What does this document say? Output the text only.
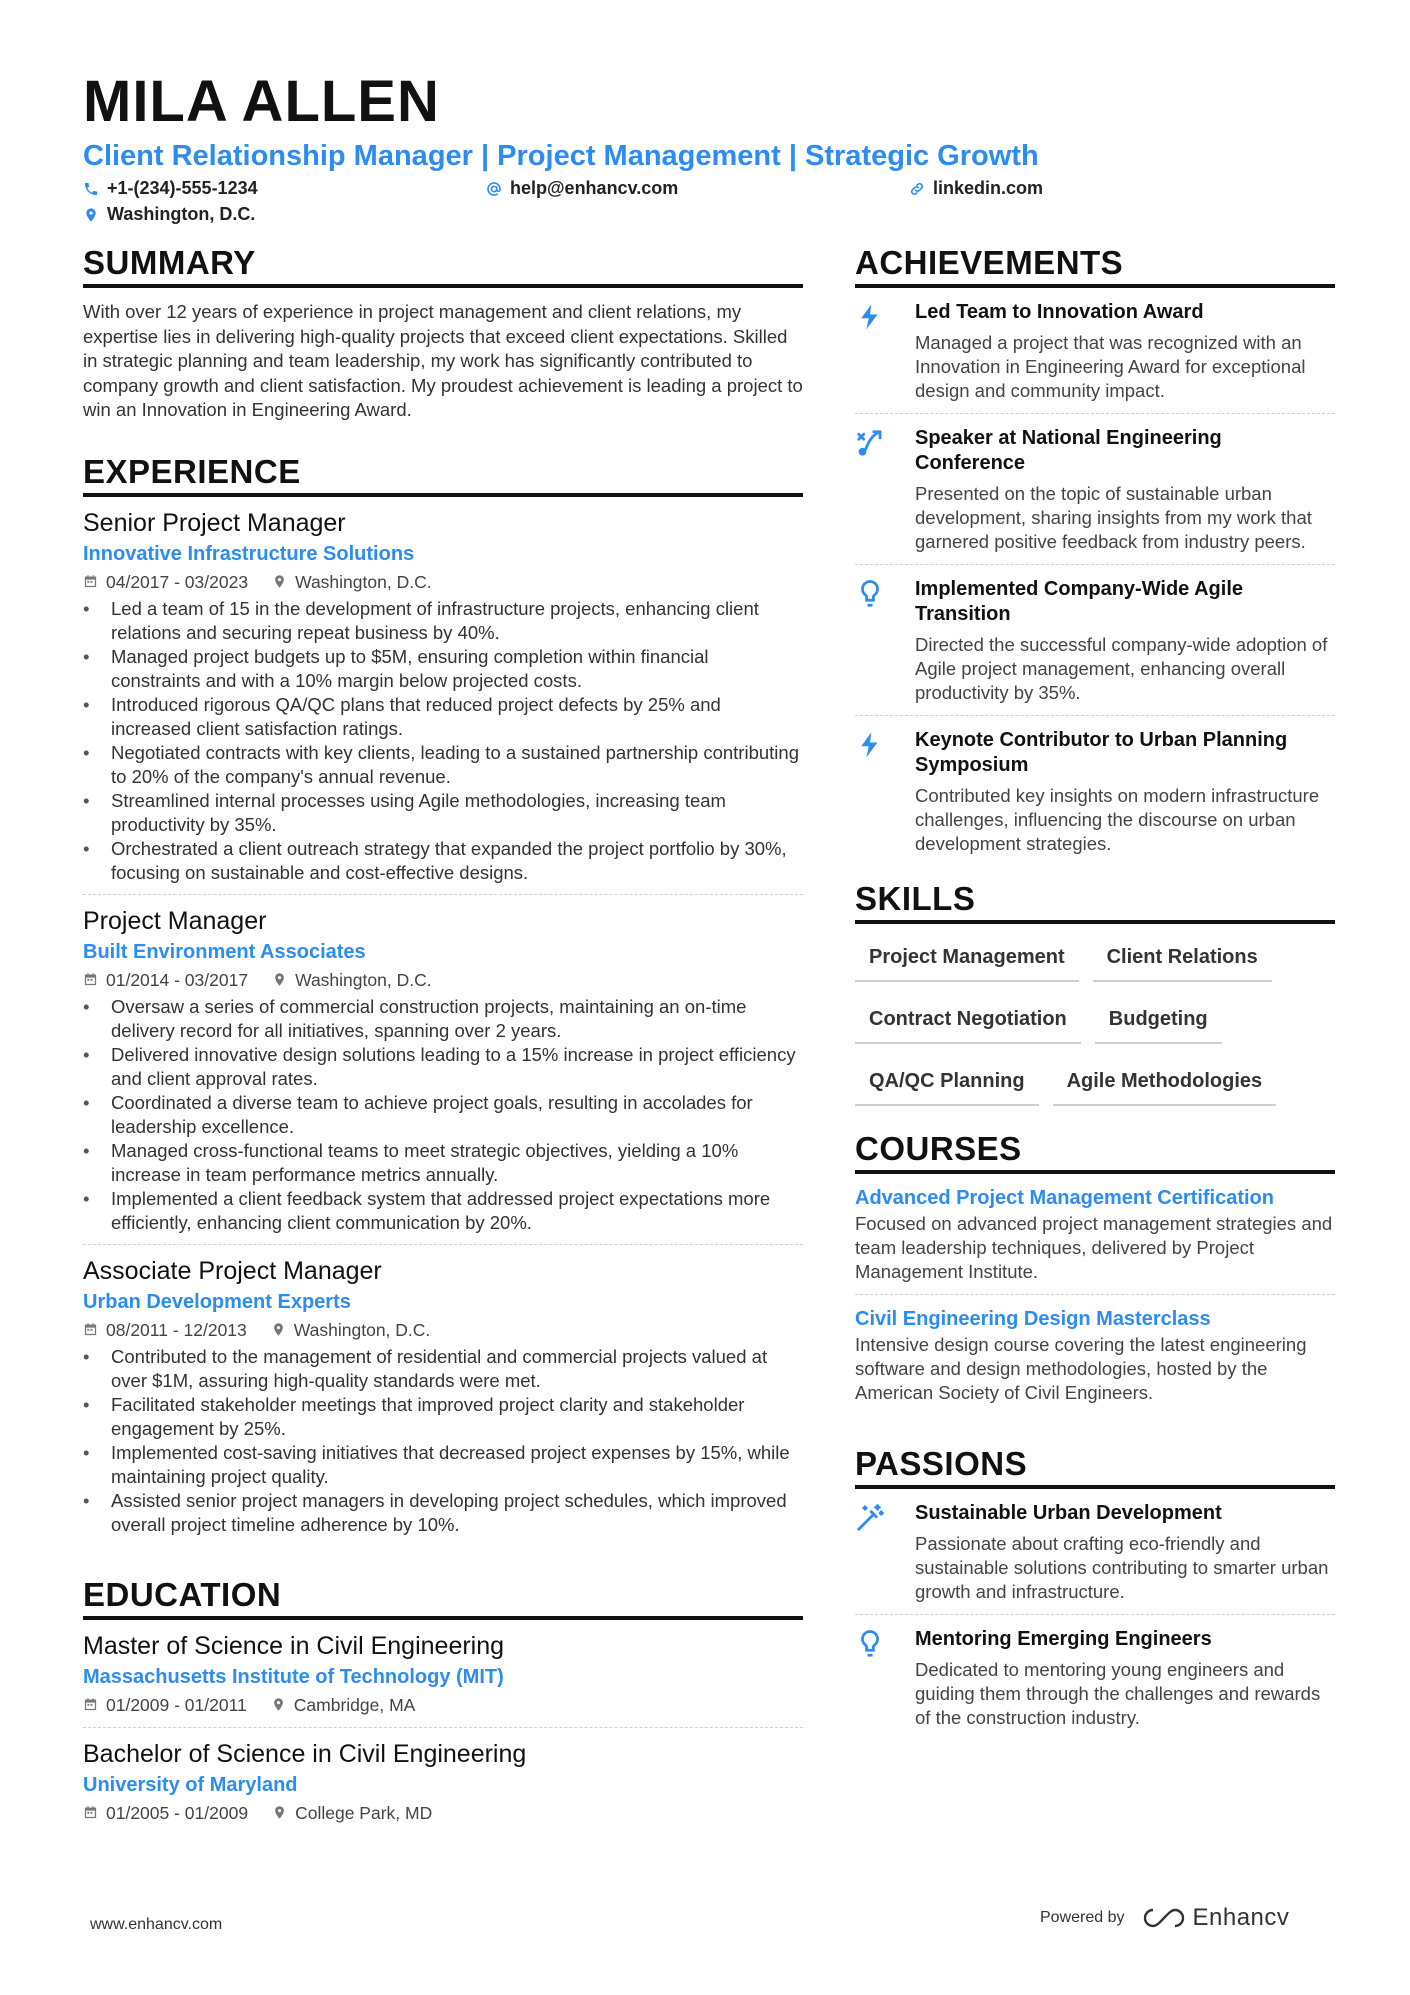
MILA ALLEN
Client Relationship Manager | Project Management | Strategic Growth
+1-(234)-555-1234	help@enhancv.com	linkedin.com
Washington, D.C.
SUMMARY
With over 12 years of experience in project management and client relations, my expertise lies in delivering high-quality projects that exceed client expectations. Skilled in strategic planning and team leadership, my work has significantly contributed to company growth and client satisfaction. My proudest achievement is leading a project to win an Innovation in Engineering Award.
EXPERIENCE
Senior Project Manager
Innovative Infrastructure Solutions
04/2017 - 03/2023	Washington, D.C.
• Led a team of 15 in the development of infrastructure projects, enhancing client relations and securing repeat business by 40%.
• Managed project budgets up to $5M, ensuring completion within financial constraints and with a 10% margin below projected costs.
• Introduced rigorous QA/QC plans that reduced project defects by 25% and increased client satisfaction ratings.
• Negotiated contracts with key clients, leading to a sustained partnership contributing to 20% of the company's annual revenue.
• Streamlined internal processes using Agile methodologies, increasing team productivity by 35%.
• Orchestrated a client outreach strategy that expanded the project portfolio by 30%, focusing on sustainable and cost-effective designs.
Project Manager
Built Environment Associates
01/2014 - 03/2017	Washington, D.C.
• Oversaw a series of commercial construction projects, maintaining an on-time delivery record for all initiatives, spanning over 2 years.
• Delivered innovative design solutions leading to a 15% increase in project efficiency and client approval rates.
• Coordinated a diverse team to achieve project goals, resulting in accolades for leadership excellence.
• Managed cross-functional teams to meet strategic objectives, yielding a 10% increase in team performance metrics annually.
• Implemented a client feedback system that addressed project expectations more efficiently, enhancing client communication by 20%.
Associate Project Manager
Urban Development Experts
08/2011 - 12/2013	Washington, D.C.
• Contributed to the management of residential and commercial projects valued at over $1M, assuring high-quality standards were met.
• Facilitated stakeholder meetings that improved project clarity and stakeholder engagement by 25%.
• Implemented cost-saving initiatives that decreased project expenses by 15%, while maintaining project quality.
• Assisted senior project managers in developing project schedules, which improved overall project timeline adherence by 10%.
EDUCATION
Master of Science in Civil Engineering
Massachusetts Institute of Technology (MIT)
01/2009 - 01/2011	Cambridge, MA
Bachelor of Science in Civil Engineering
University of Maryland
01/2005 - 01/2009	College Park, MD
ACHIEVEMENTS
Led Team to Innovation Award
Managed a project that was recognized with an Innovation in Engineering Award for exceptional design and community impact.
Speaker at National Engineering Conference
Presented on the topic of sustainable urban development, sharing insights from my work that garnered positive feedback from industry peers.
Implemented Company-Wide Agile Transition
Directed the successful company-wide adoption of Agile project management, enhancing overall productivity by 35%.
Keynote Contributor to Urban Planning Symposium
Contributed key insights on modern infrastructure challenges, influencing the discourse on urban development strategies.
SKILLS
Project Management	Client Relations
Contract Negotiation	Budgeting
QA/QC Planning	Agile Methodologies
COURSES
Advanced Project Management Certification
Focused on advanced project management strategies and team leadership techniques, delivered by Project Management Institute.
Civil Engineering Design Masterclass
Intensive design course covering the latest engineering software and design methodologies, hosted by the American Society of Civil Engineers.
PASSIONS
Sustainable Urban Development
Passionate about crafting eco-friendly and sustainable solutions contributing to smarter urban growth and infrastructure.
Mentoring Emerging Engineers
Dedicated to mentoring young engineers and guiding them through the challenges and rewards of the construction industry.
www.enhancv.com	Powered by	Enhancv
